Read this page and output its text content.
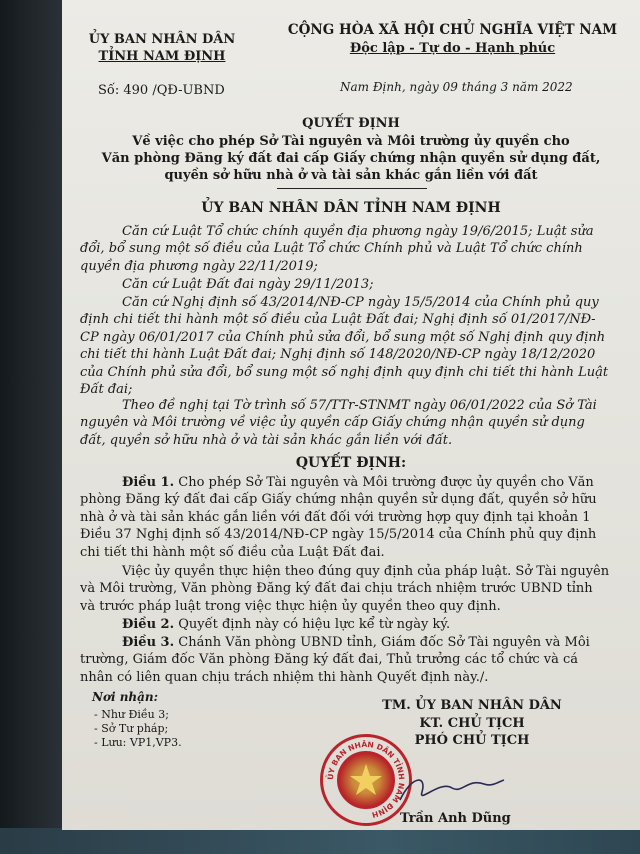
ỦY BAN NHÂN DÂN
TỈNH NAM ĐỊNH
CỘNG HÒA XÃ HỘI CHỦ NGHĨA VIỆT NAM
Độc lập - Tự do - Hạnh phúc
Số: 490 /QĐ-UBND	Nam Định, ngày 09 tháng 3 năm 2022
QUYẾT ĐỊNH
Về việc cho phép Sở Tài nguyên và Môi trường ủy quyền cho
Văn phòng Đăng ký đất đai cấp Giấy chứng nhận quyền sử dụng đất,
quyền sở hữu nhà ở và tài sản khác gắn liền với đất
ỦY BAN NHÂN DÂN TỈNH NAM ĐỊNH
Căn cứ Luật Tổ chức chính quyền địa phương ngày 19/6/2015; Luật sửa đổi, bổ sung một số điều của Luật Tổ chức Chính phủ và Luật Tổ chức chính quyền địa phương ngày 22/11/2019;
Căn cứ Luật Đất đai ngày 29/11/2013;
Căn cứ Nghị định số 43/2014/NĐ-CP ngày 15/5/2014 của Chính phủ quy định chi tiết thi hành một số điều của Luật Đất đai; Nghị định số 01/2017/NĐ-CP ngày 06/01/2017 của Chính phủ sửa đổi, bổ sung một số Nghị định quy định chi tiết thi hành Luật Đất đai; Nghị định số 148/2020/NĐ-CP ngày 18/12/2020 của Chính phủ sửa đổi, bổ sung một số nghị định quy định chi tiết thi hành Luật Đất đai;
Theo đề nghị tại Tờ trình số 57/TTr-STNMT ngày 06/01/2022 của Sở Tài nguyên và Môi trường về việc ủy quyền cấp Giấy chứng nhận quyền sử dụng đất, quyền sở hữu nhà ở và tài sản khác gắn liền với đất.
QUYẾT ĐỊNH:
Điều 1. Cho phép Sở Tài nguyên và Môi trường được ủy quyền cho Văn phòng Đăng ký đất đai cấp Giấy chứng nhận quyền sử dụng đất, quyền sở hữu nhà ở và tài sản khác gắn liền với đất đối với trường hợp quy định tại khoản 1 Điều 37 Nghị định số 43/2014/NĐ-CP ngày 15/5/2014 của Chính phủ quy định chi tiết thi hành một số điều của Luật Đất đai.
Việc ủy quyền thực hiện theo đúng quy định của pháp luật. Sở Tài nguyên và Môi trường, Văn phòng Đăng ký đất đai chịu trách nhiệm trước UBND tỉnh và trước pháp luật trong việc thực hiện ủy quyền theo quy định.
Điều 2. Quyết định này có hiệu lực kể từ ngày ký.
Điều 3. Chánh Văn phòng UBND tỉnh, Giám đốc Sở Tài nguyên và Môi trường, Giám đốc Văn phòng Đăng ký đất đai, Thủ trưởng các tổ chức và cá nhân có liên quan chịu trách nhiệm thi hành Quyết định này./.
Nơi nhận:
- Như Điều 3;
- Sở Tư pháp;
- Lưu: VP1,VP3.
TM. ỦY BAN NHÂN DÂN
KT. CHỦ TỊCH
PHÓ CHỦ TỊCH
ỦY BAN NHÂN DÂN TỈNH NAM ĐỊNH	Trần Anh Dũng
